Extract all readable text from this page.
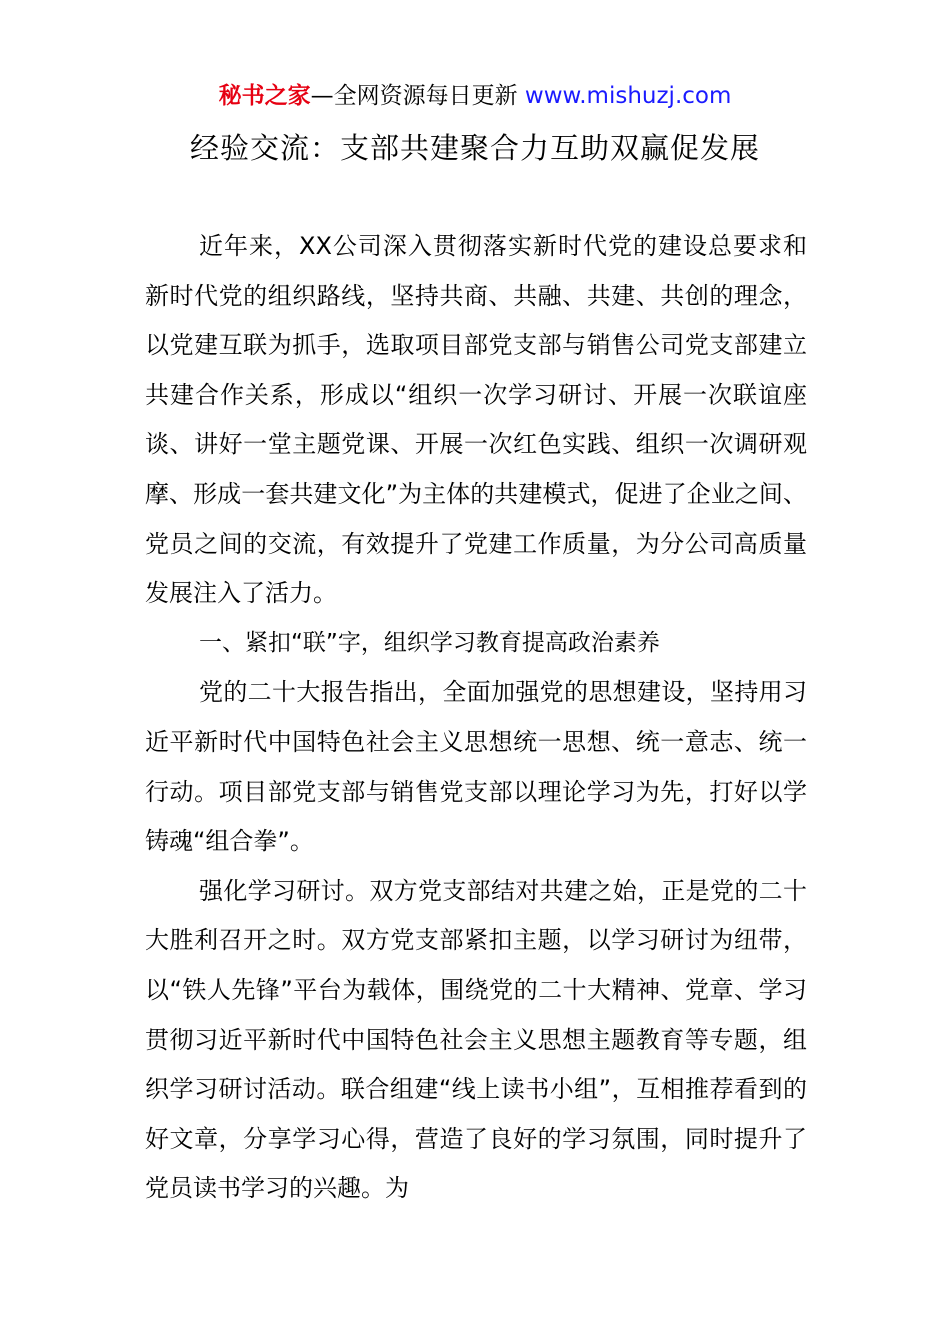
秘书之家—全网资源每日更新 www.mishuzj.com
经验交流：支部共建聚合力互助双赢促发展

近年来，XX公司深入贯彻落实新时代党的建设总要求和新时代党的组织路线，坚持共商、共融、共建、共创的理念，以党建互联为抓手，选取项目部党支部与销售公司党支部建立共建合作关系，形成以“组织一次学习研讨、开展一次联谊座谈、讲好一堂主题党课、开展一次红色实践、组织一次调研观摩、形成一套共建文化”为主体的共建模式，促进了企业之间、党员之间的交流，有效提升了党建工作质量，为分公司高质量发展注入了活力。

一、紧扣“联”字，组织学习教育提高政治素养

党的二十大报告指出，全面加强党的思想建设，坚持用习近平新时代中国特色社会主义思想统一思想、统一意志、统一行动。项目部党支部与销售党支部以理论学习为先，打好以学铸魂“组合拳”。

强化学习研讨。双方党支部结对共建之始，正是党的二十大胜利召开之时。双方党支部紧扣主题，以学习研讨为纽带，以“铁人先锋”平台为载体，围绕党的二十大精神、党章、学习贯彻习近平新时代中国特色社会主义思想主题教育等专题，组织学习研讨活动。联合组建“线上读书小组”，互相推荐看到的好文章，分享学习心得，营造了良好的学习氛围，同时提升了党员读书学习的兴趣。为
